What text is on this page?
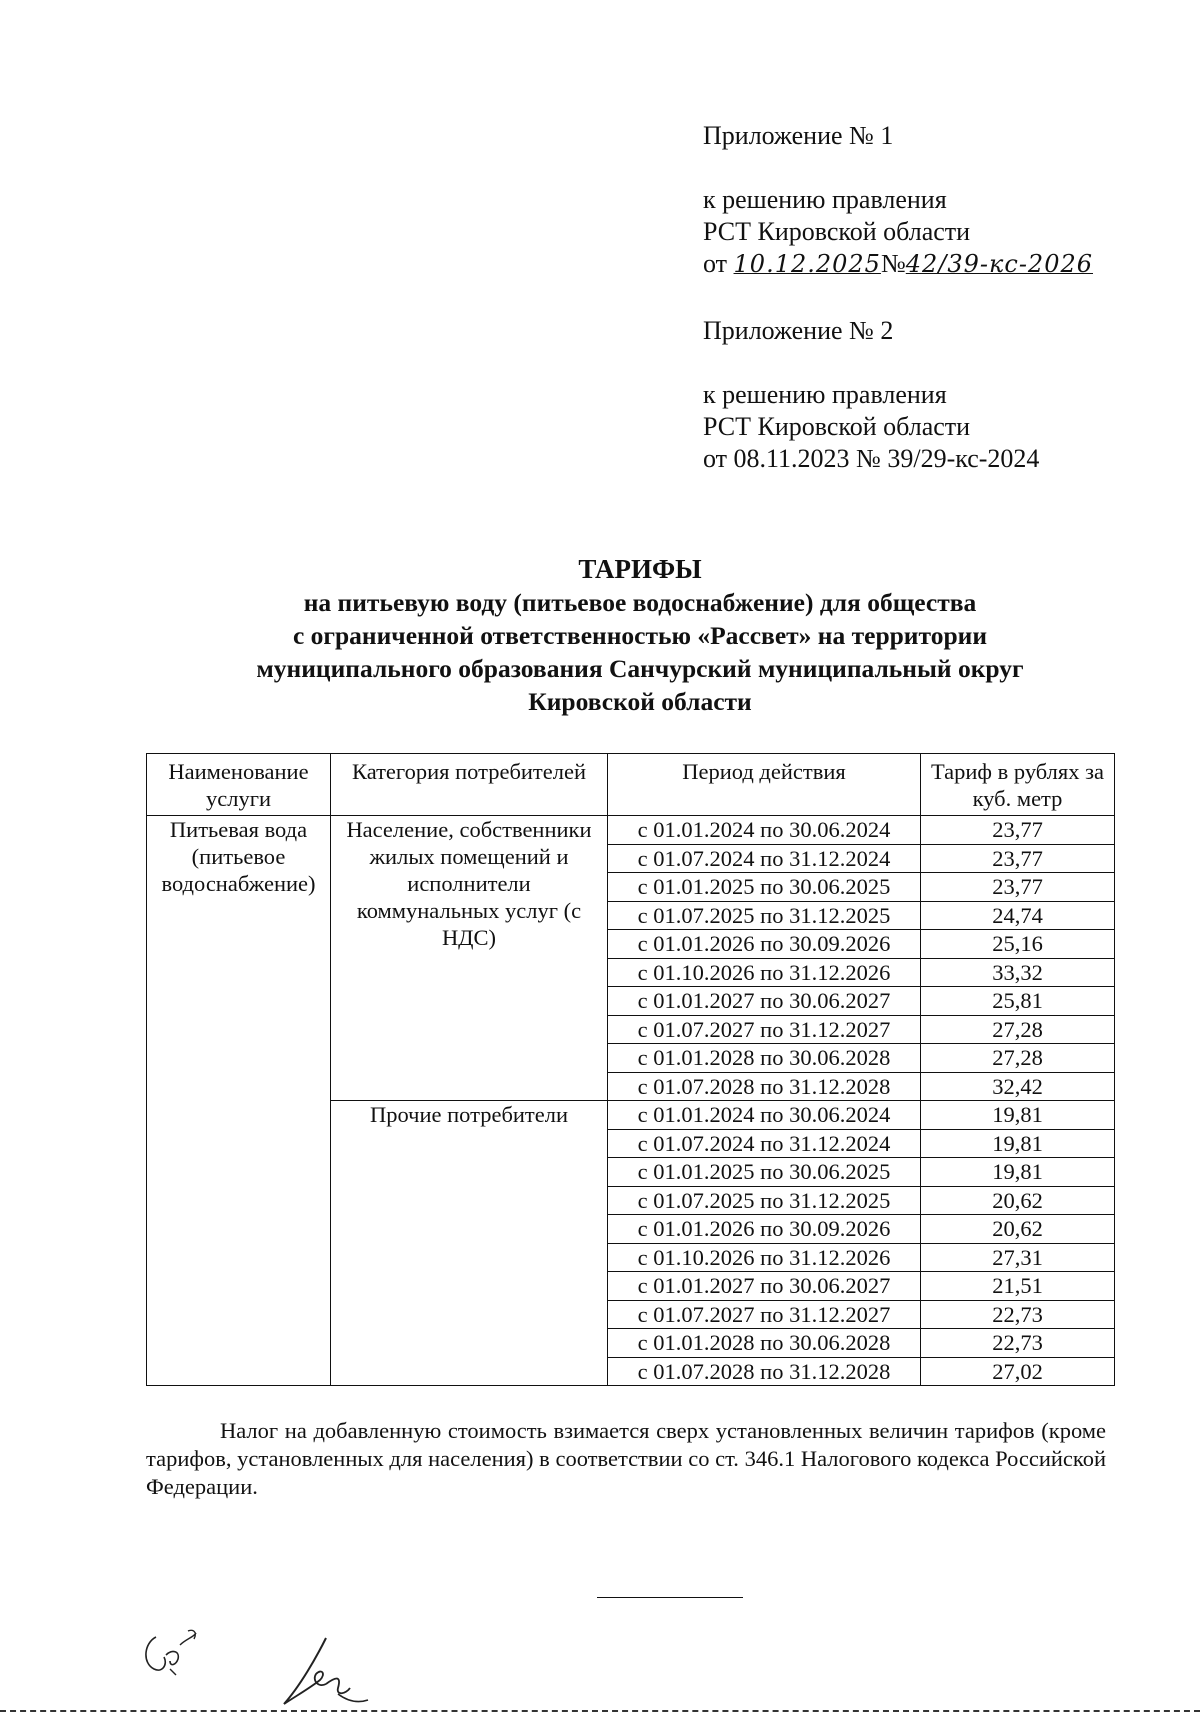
Приложение № 1
к решению правления
РСТ Кировской области
от 10.12.2025№42/39-кс-2026
Приложение № 2
к решению правления
РСТ Кировской области
от 08.11.2023 № 39/29-кс-2024
ТАРИФЫ
на питьевую воду (питьевое водоснабжение) для общества
с ограниченной ответственностью «Рассвет» на территории
муниципального образования Санчурский муниципальный округ
Кировской области
Наименование услуги	Категория потребителей	Период действия	Тариф в рублях за куб. метр
Питьевая вода (питьевое водоснабжение)	Население, собственники жилых помещений и исполнители коммунальных услуг (с НДС)	с 01.01.2024 по 30.06.2024	23,77
		с 01.07.2024 по 31.12.2024	23,77
		с 01.01.2025 по 30.06.2025	23,77
		с 01.07.2025 по 31.12.2025	24,74
		с 01.01.2026 по 30.09.2026	25,16
		с 01.10.2026 по 31.12.2026	33,32
		с 01.01.2027 по 30.06.2027	25,81
		с 01.07.2027 по 31.12.2027	27,28
		с 01.01.2028 по 30.06.2028	27,28
		с 01.07.2028 по 31.12.2028	32,42
	Прочие потребители	с 01.01.2024 по 30.06.2024	19,81
		с 01.07.2024 по 31.12.2024	19,81
		с 01.01.2025 по 30.06.2025	19,81
		с 01.07.2025 по 31.12.2025	20,62
		с 01.01.2026 по 30.09.2026	20,62
		с 01.10.2026 по 31.12.2026	27,31
		с 01.01.2027 по 30.06.2027	21,51
		с 01.07.2027 по 31.12.2027	22,73
		с 01.01.2028 по 30.06.2028	22,73
		с 01.07.2028 по 31.12.2028	27,02
Налог на добавленную стоимость взимается сверх установленных величин тарифов (кроме тарифов, установленных для населения) в соответствии со ст. 346.1 Налогового кодекса Российской Федерации.
